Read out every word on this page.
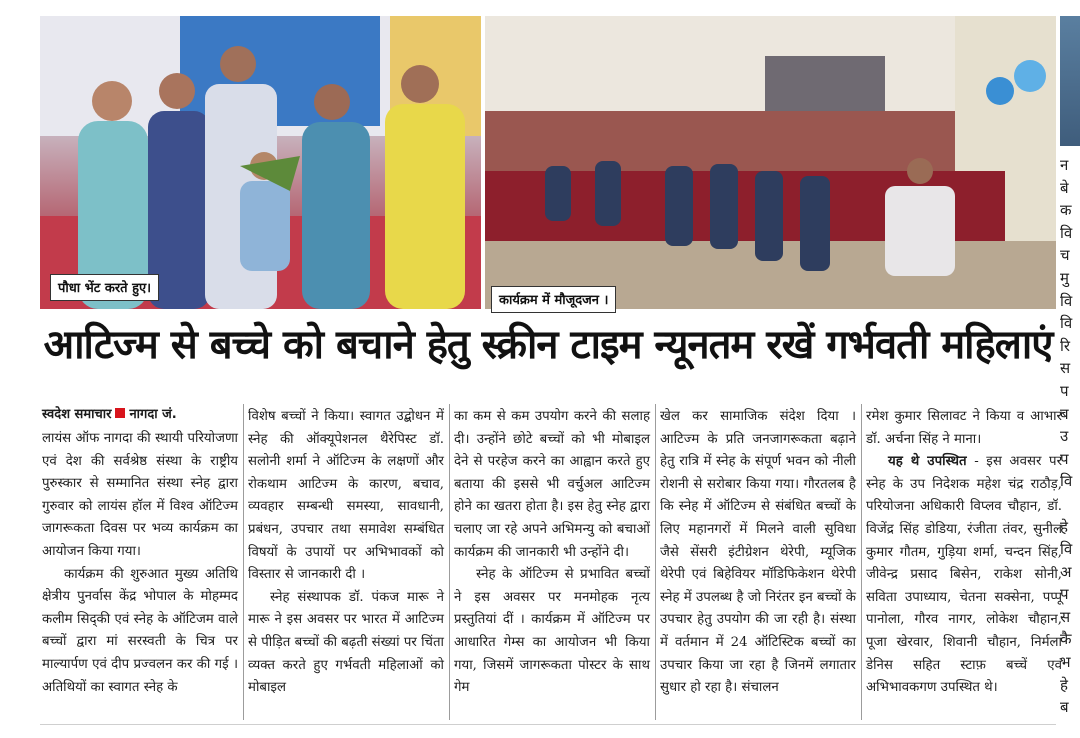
पौधा भेंट करते हुए।
कार्यक्रम में मौजूदजन ।
आटिज्म से बच्चे को बचाने हेतु स्क्रीन टाइम न्यूनतम रखें गर्भवती महिलाएं
स्वदेश समाचार नागदा जं.

लायंस ऑफ नागदा की स्थायी परियोजणा एवं देश की सर्वश्रेष्ठ संस्था के राष्ट्रीय पुरुस्कार से सम्मानित संस्था स्नेह द्वारा गुरुवार को लायंस हॉल में विश्व ऑटिज्म जागरूकता दिवस पर भव्य कार्यक्रम का आयोजन किया गया।

कार्यक्रम की शुरुआत मुख्य अतिथि क्षेत्रीय पुनर्वास केंद्र भोपाल के मोहम्मद कलीम सिद्की एवं स्नेह के ऑटिजम वाले बच्चों द्वारा मां सरस्वती के चित्र पर माल्यार्पण एवं दीप प्रज्वलन कर की गई । अतिथियों का स्वागत स्नेह के

विशेष बच्चों ने किया। स्वागत उद्बोधन में स्नेह की ऑक्यूपेशनल थैरेपिस्ट डॉ. सलोनी शर्मा ने ऑटिज्म के लक्षणों और रोकथाम आटिज्म के कारण, बचाव, व्यवहार सम्बन्धी समस्या, सावधानी, प्रबंधन, उपचार तथा समावेश सम्बंधित विषयों के उपायों पर अभिभावकों को विस्तार से जानकारी दी ।

स्नेह संस्थापक डॉ. पंकज मारू ने मारू ने इस अवसर पर भारत में आटिज्म से पीड़ित बच्चों की बढ़ती संख्यां पर चिंता व्यक्त करते हुए गर्भवती महिलाओं को मोबाइल

का कम से कम उपयोग करने की सलाह दी। उन्होंने छोटे बच्चों को भी मोबाइल देने से परहेज करने का आह्वान करते हुए बताया की इससे भी वर्चुअल आटिज्म होने का खतरा होता है। इस हेतु स्नेह द्वारा चलाए जा रहे अपने अभिमन्यु को बचाओं कार्यक्रम की जानकारी भी उन्होंने दी।

स्नेह के ऑटिज्म से प्रभावित बच्चों ने इस अवसर पर मनमोहक नृत्य प्रस्तुतियां दीं । कार्यक्रम में ऑटिज्म पर आधारित गेम्स का आयोजन भी किया गया, जिसमें जागरूकता पोस्टर के साथ गेम

खेल कर सामाजिक संदेश दिया । आटिज्म के प्रति जनजागरूकता बढ़ाने हेतु रात्रि में स्नेह के संपूर्ण भवन को नीली रोशनी से सरोबार किया गया। गौरतलब है कि स्नेह में ऑटिज्म से संबंधित बच्चों के लिए महानगरों में मिलने वाली सुविधा जैसे सेंसरी इंटीग्रेशन थेरेपी, म्यूजिक थेरेपी एवं बिहेवियर मॉडिफिकेशन थेरेपी स्नेह में उपलब्ध है जो निरंतर इन बच्चों के उपचार हेतु उपयोग की जा रही है। संस्था में वर्तमान में 24 ऑटिस्टिक बच्चों का उपचार किया जा रहा है जिनमें लगातार सुधार हो रहा है। संचालन

रमेश कुमार सिलावट ने किया व आभार डॉ. अर्चना सिंह ने माना।

यह थे उपस्थित - इस अवसर पर स्नेह के उप निदेशक महेश चंद्र राठौड़, परियोजना अधिकारी विप्लव चौहान, डॉ. विजेंद्र सिंह डोडिया, रंजीता तंवर, सुनील कुमार गौतम, गुड़िया शर्मा, चन्दन सिंह, जीवेन्द्र प्रसाद बिसेन, राकेश सोनी, सविता उपाध्याय, चेतना सक्सेना, पप्पू पानोला, गौरव नागर, लोकेश चौहान, पूजा खेरवार, शिवानी चौहान, निर्मला डेनिस सहित स्टाफ़ बच्चें एवं अभिभावकगण उपस्थित थे।

न
बे
क
वि
च
मु
वि
वि
रि
स
प
ब
उ
प
वि
हे
वि
अ
प
स
कै
भ
हे
ब
